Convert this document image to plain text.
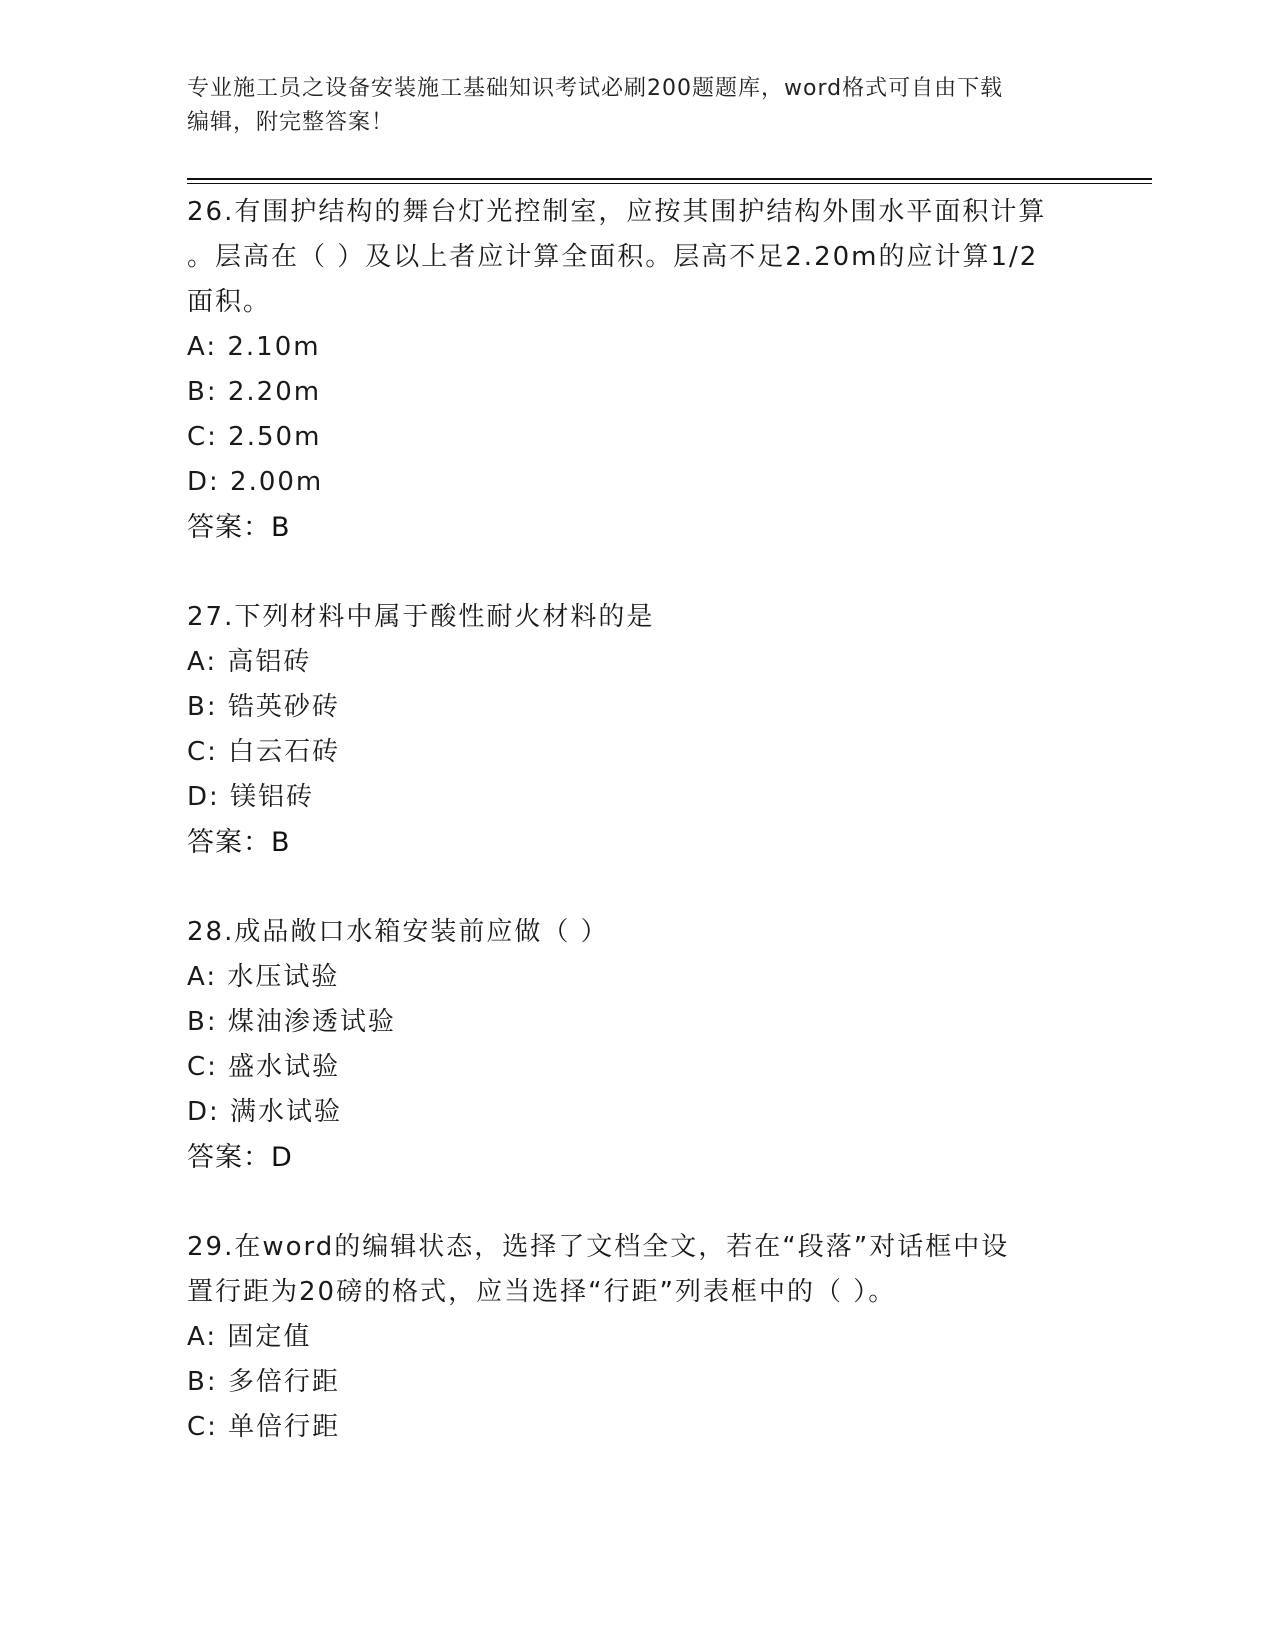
专业施工员之设备安装施工基础知识考试必刷200题题库，word格式可自由下载
编辑，附完整答案！
26.有围护结构的舞台灯光控制室，应按其围护结构外围水平面积计算
。层高在（ ）及以上者应计算全面积。层高不足2.20m的应计算1/2
面积。
A: 2.10m
B: 2.20m
C: 2.50m
D: 2.00m
答案：B
27.下列材料中属于酸性耐火材料的是
A: 高铝砖
B: 锆英砂砖
C: 白云石砖
D: 镁铝砖
答案：B
28.成品敞口水箱安装前应做（ ）
A: 水压试验
B: 煤油渗透试验
C: 盛水试验
D: 满水试验
答案：D
29.在word的编辑状态，选择了文档全文，若在“段落”对话框中设
置行距为20磅的格式，应当选择“行距”列表框中的（ ）。
A: 固定值
B: 多倍行距
C: 单倍行距
